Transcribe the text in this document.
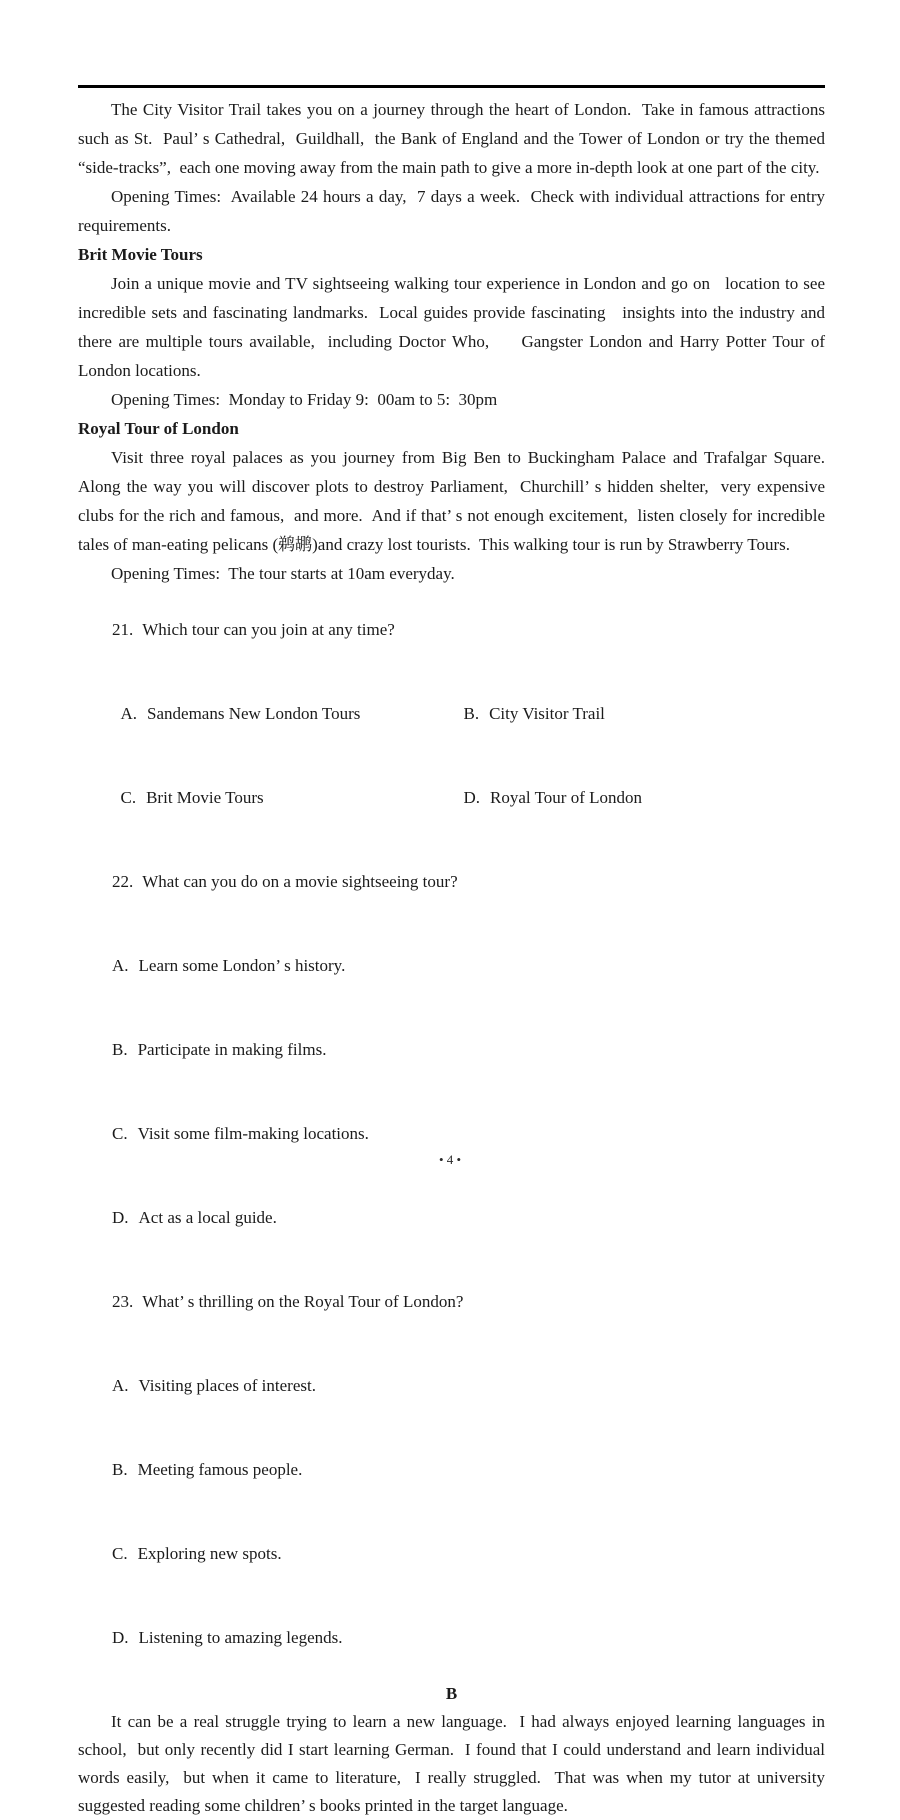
The City Visitor Trail takes you on a journey through the heart of London.  Take in famous attractions such as St.  Paul’ s Cathedral,  Guildhall,  the Bank of England and the Tower of London or try the themed “side-tracks”,  each one moving away from the main path to give a more in-depth look at one part of the city.

Opening Times:  Available 24 hours a day,  7 days a week.  Check with individual attractions for entry requirements.

Brit Movie Tours

Join a unique movie and TV sightseeing walking tour experience in London and go on   location to see incredible sets and fascinating landmarks.  Local guides provide fascinating   insights into the industry and there are multiple tours available,  including Doctor Who,     Gangster London and Harry Potter Tour of London locations.

Opening Times:  Monday to Friday 9:  00am to 5:  30pm

Royal Tour of London

Visit three royal palaces as you journey from Big Ben to Buckingham Palace and Trafalgar Square.  Along the way you will discover plots to destroy Parliament,  Churchill’ s hidden shelter,  very expensive clubs for the rich and famous,  and more.  And if that’ s not enough excitement,  listen closely for incredible tales of man-eating pelicans (鹈鹕)and crazy lost tourists.  This walking tour is run by Strawberry Tours.

Opening Times:  The tour starts at 10am everyday.

21. Which tour can you join at any time?

A. Sandemans New London Tours
	B. City Visitor Trail

C. Brit Movie Tours
	D. Royal Tour of London

22. What can you do on a movie sightseeing tour?

A. Learn some London’ s history.

B. Participate in making films.

C. Visit some film-making locations.

D. Act as a local guide.

23. What’ s thrilling on the Royal Tour of London?

A. Visiting places of interest.

B. Meeting famous people.

C. Exploring new spots.

D. Listening to amazing legends.

B

It can be a real struggle trying to learn a new language.  I had always enjoyed learning languages in school,  but only recently did I start learning German.  I found that I could understand and learn individual words easily,  but when it came to literature,  I really struggled.  That was when my tutor at university suggested reading some children’ s books printed in the target language.

• 4 •
